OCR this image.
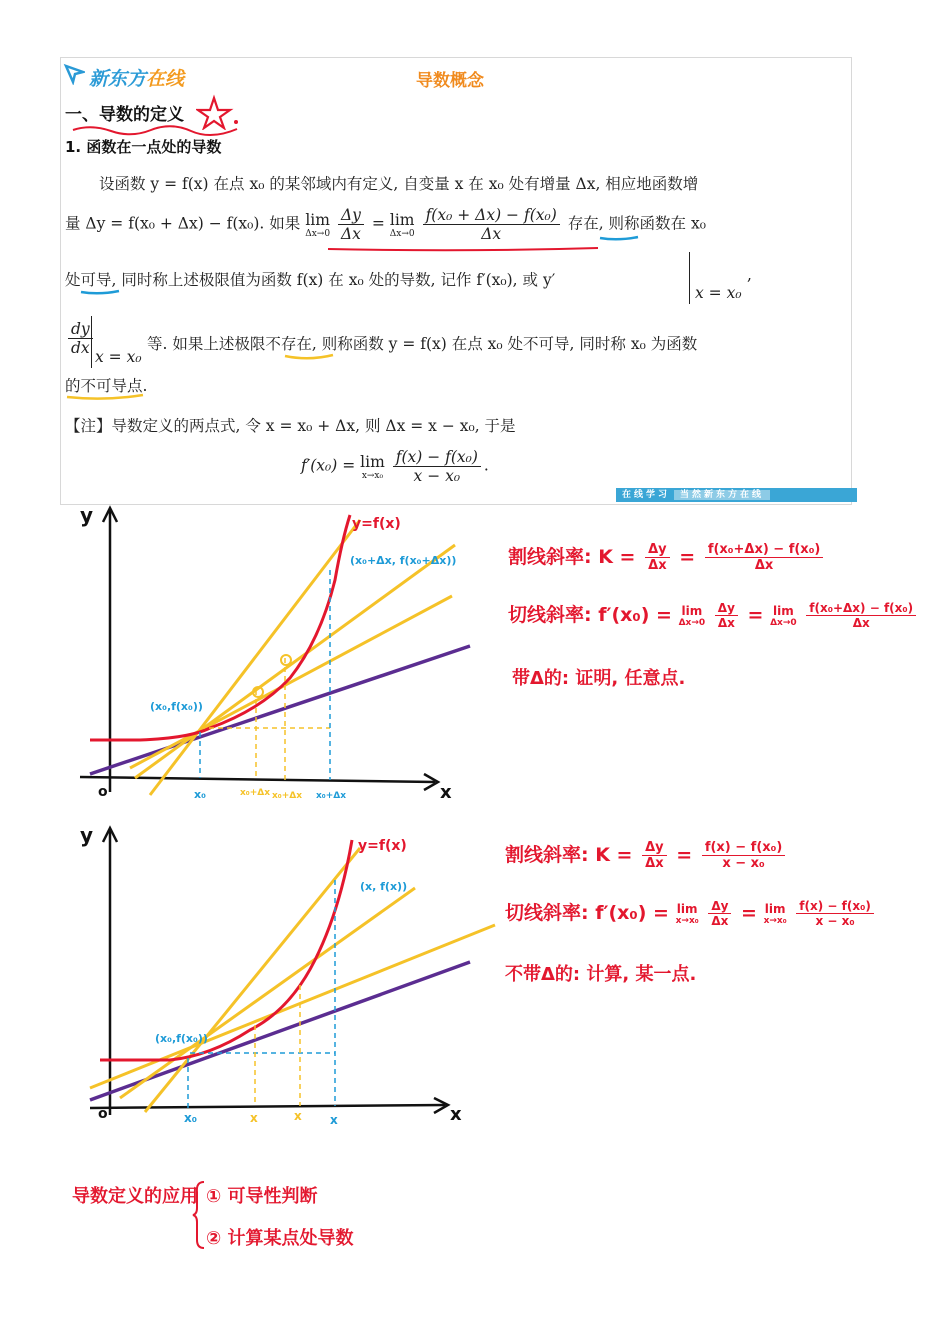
新东方在线	导数概念
一、导数的定义
1. 函数在一点处的导数
设函数 y = f(x) 在点 x₀ 的某邻域内有定义, 自变量 x 在 x₀ 处有增量 Δx, 相应地函数增
量 Δy = f(x₀ + Δx) − f(x₀). 如果 lim
Δx→0
$\frac{\Delta y}{\Delta x} = \lim$
Δx→0
$\frac{\text{f(x₀ + Δx) − f(x₀)}}{\Delta x}$ 存在, 则称函数在 x₀
处可导, 同时称上述极限值为函数 f(x) 在 x₀ 处的导数, 记作 f′(x₀), 或 y′
x = x₀
,
$\frac{dy}{dx}$ x = x₀
等. 如果上述极限不存在, 则称函数 y = f(x) 在点 x₀ 处不可导, 同时称 x₀ 为函数
的不可导点.
【注】导数定义的两点式, 令 x = x₀ + Δx, 则 Δx = x − x₀, 于是
f′(x₀) = lim
x→x₀
$\frac{\text{f(x) − f(x₀)}}{\text{x − x₀}}$ .
在线学习 当然新东方在线
y
x
o
y=f(x)
(x₀,f(x₀))
(x₀+Δx, f(x₀+Δx))
x₀	x₀+Δx x₀+Δx x₀+Δx
割线斜率: $K = \frac{\Delta y}{\Delta x} = \frac{\text{f(x₀+Δx) − f(x₀)}}{\Delta x}$
切线斜率: f′(x₀) = lim
Δx→0
$\frac{\Delta y}{\Delta x} = \lim$
Δx→0
$\frac{\text{f(x₀+Δx) − f(x₀)}}{\Delta x}$
带Δ的: 证明, 任意点.
y
x
o
y=f(x)
(x₀,f(x₀))
(x, f(x))
x₀	x	x x
割线斜率: $K = \frac{\Delta y}{\Delta x} = \frac{\text{f(x) − f(x₀)}}{\text{x − x₀}}$
切线斜率: f′(x₀) = lim
x→x₀
$\frac{\Delta y}{\Delta x} = \lim$
x→x₀
$\frac{\text{f(x) − f(x₀)}}{\text{x − x₀}}$
不带Δ的: 计算, 某一点.
导数定义的应用 ① 可导性判断
② 计算某点处导数
